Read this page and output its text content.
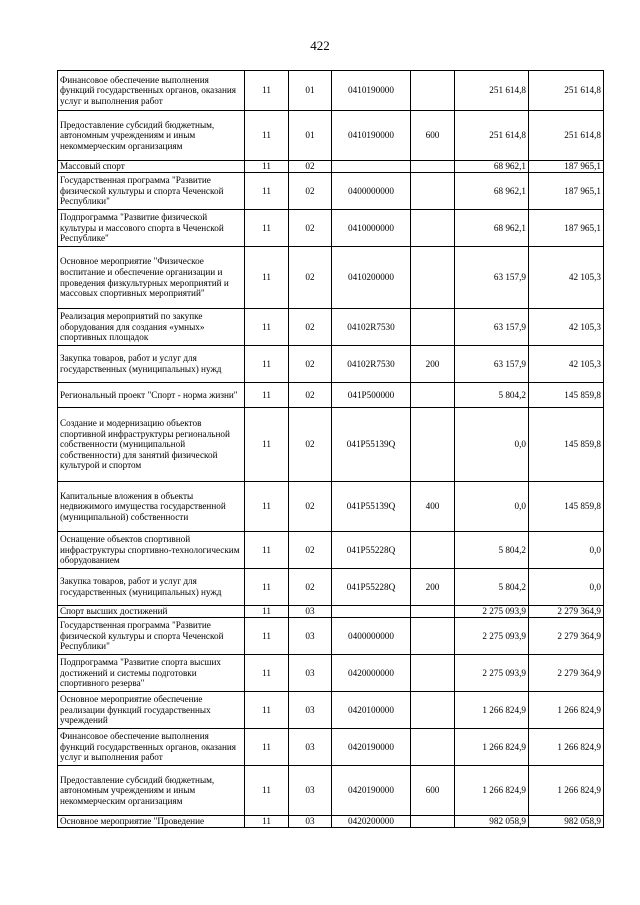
422
Финансовое обеспечение выполнения функций государственных органов, оказания услуг и выполнения работ	11	01	0410190000		251 614,8	251 614,8
Предоставление субсидий бюджетным, автономным учреждениям и иным некоммерческим организациям	11	01	0410190000	600	251 614,8	251 614,8
Массовый спорт	11	02			68 962,1	187 965,1
Государственная программа "Развитие физической культуры и спорта Чеченской Республики"	11	02	0400000000		68 962,1	187 965,1
Подпрограмма "Развитие физической культуры и массового спорта в Чеченской Республике"	11	02	0410000000		68 962,1	187 965,1
Основное мероприятие "Физическое воспитание и обеспечение организации и проведения физкультурных мероприятий и массовых спортивных мероприятий"	11	02	0410200000		63 157,9	42 105,3
Реализация мероприятий по закупке оборудования для создания «умных» спортивных площадок	11	02	04102R7530		63 157,9	42 105,3
Закупка товаров, работ и услуг для государственных (муниципальных) нужд	11	02	04102R7530	200	63 157,9	42 105,3
Региональный проект "Спорт - норма жизни"	11	02	041P500000		5 804,2	145 859,8
Создание и модернизацию объектов спортивной инфраструктуры региональной собственности (муниципальной собственности) для занятий физической культурой и спортом	11	02	041P55139Q		0,0	145 859,8
Капитальные вложения в объекты недвижимого имущества государственной (муниципальной) собственности	11	02	041P55139Q	400	0,0	145 859,8
Оснащение объектов спортивной инфраструктуры спортивно-технологическим оборудованием	11	02	041P55228Q		5 804,2	0,0
Закупка товаров, работ и услуг для государственных (муниципальных) нужд	11	02	041P55228Q	200	5 804,2	0,0
Спорт высших достижений	11	03			2 275 093,9	2 279 364,9
Государственная программа "Развитие физической культуры и спорта Чеченской Республики"	11	03	0400000000		2 275 093,9	2 279 364,9
Подпрограмма "Развитие спорта высших достижений и системы подготовки спортивного резерва"	11	03	0420000000		2 275 093,9	2 279 364,9
Основное мероприятие обеспечение реализации функций государственных учреждений	11	03	0420100000		1 266 824,9	1 266 824,9
Финансовое обеспечение выполнения функций государственных органов, оказания услуг и выполнения работ	11	03	0420190000		1 266 824,9	1 266 824,9
Предоставление субсидий бюджетным, автономным учреждениям и иным некоммерческим организациям	11	03	0420190000	600	1 266 824,9	1 266 824,9
Основное мероприятие "Проведение	11	03	0420200000		982 058,9	982 058,9
